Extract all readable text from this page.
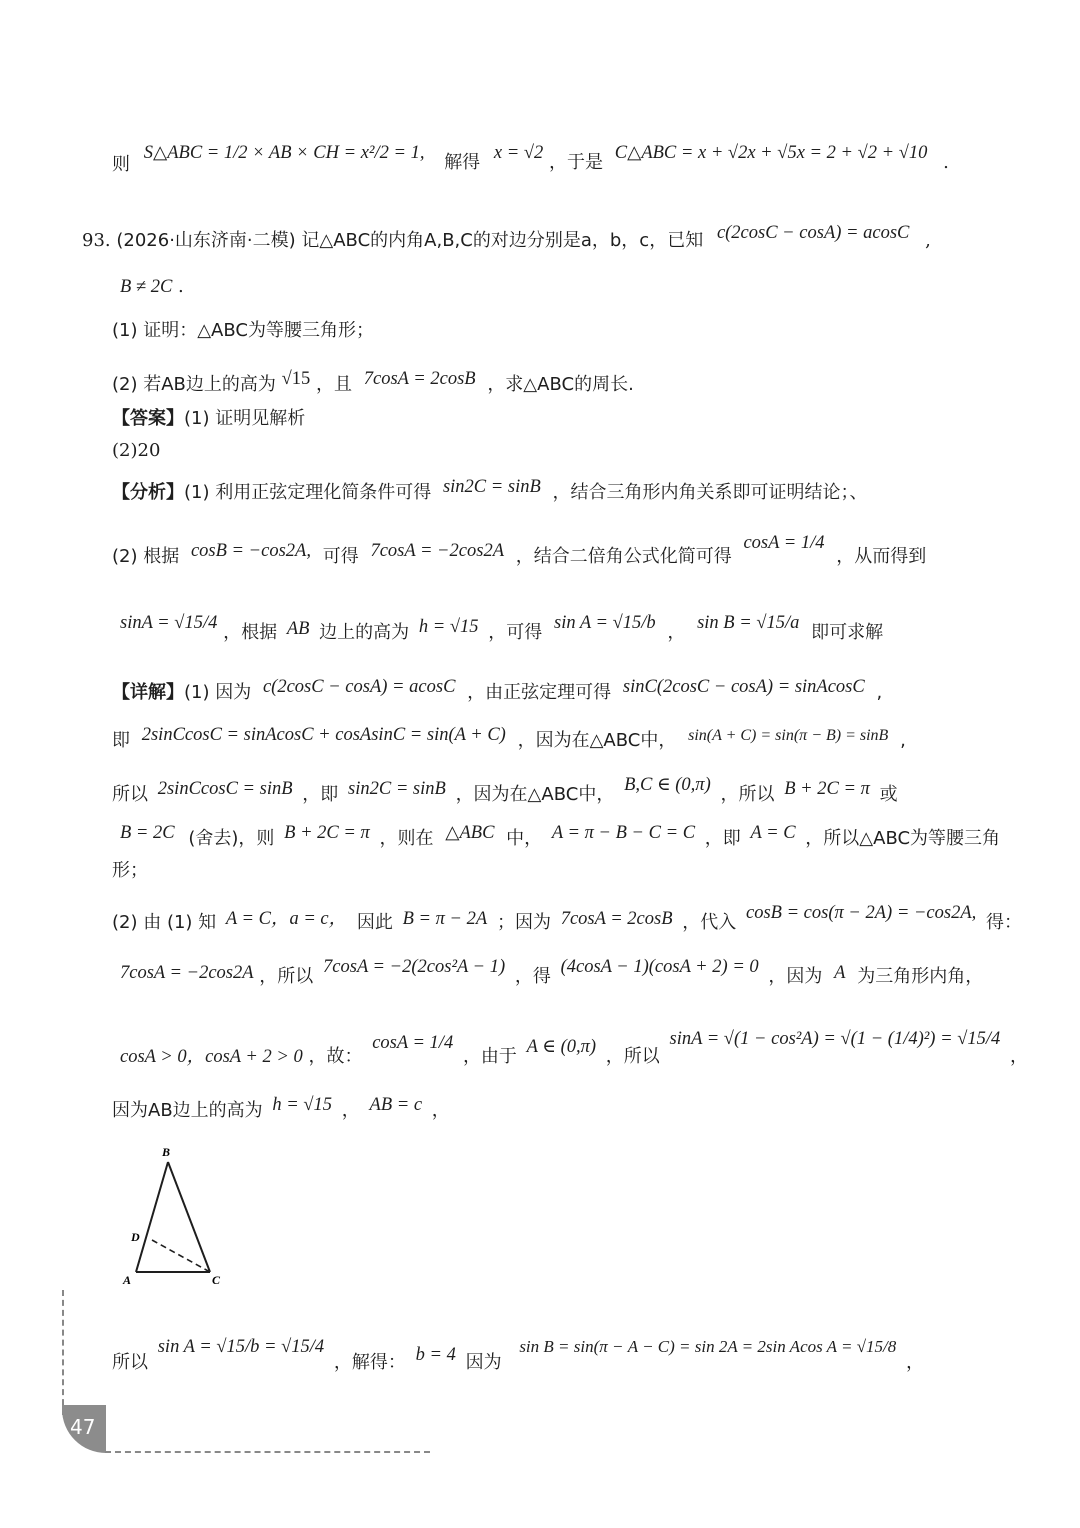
则 S△ABC = 1/2 × AB × CH = x²/2 = 1, 解得 x = √2 ，于是 C△ABC = x + √2x + √5x = 2 + √2 + √10 .
93. (2026·山东济南·二模) 记△ABC的内角A,B,C的对边分别是a，b，c，已知 c(2cosC − cosA) = acosC ,
B ≠ 2C .
(1) 证明：△ABC为等腰三角形；
(2) 若AB边上的高为 √15 ，且 7cosA = 2cosB ，求△ABC的周长.
【答案】(1) 证明见解析
(2)20
【分析】(1) 利用正弦定理化简条件可得 sin2C = sinB ，结合三角形内角关系即可证明结论；、
(2) 根据 cosB = −cos2A, 可得 7cosA = −2cos2A ，结合二倍角公式化简可得 cosA = 1/4 ，从而得到
sinA = √15/4 ，根据 AB 边上的高为 h = √15 ，可得 sin A = √15/b ， sin B = √15/a 即可求解
【详解】(1) 因为 c(2cosC − cosA) = acosC ，由正弦定理可得 sinC(2cosC − cosA) = sinAcosC ,
即 2sinCcosC = sinAcosC + cosAsinC = sin(A + C) ，因为在△ABC中， sin(A + C) = sin(π − B) = sinB ,
所以 2sinCcosC = sinB ，即 sin2C = sinB ，因为在△ABC中， B,C ∈ (0,π) ，所以 B + 2C = π 或
B = 2C (舍去)，则 B + 2C = π ，则在 △ABC 中， A = π − B − C = C ，即 A = C ，所以△ABC为等腰三角
形；
(2) 由 (1) 知 A = C，a = c， 因此 B = π − 2A ；因为 7cosA = 2cosB ，代入 cosB = cos(π − 2A) = −cos2A, 得：
7cosA = −2cos2A ，所以 7cosA = −2(2cos²A − 1) ，得 (4cosA − 1)(cosA + 2) = 0 ，因为 A 为三角形内角，
cosA > 0，cosA + 2 > 0 ，故： cosA = 1/4 ，由于 A ∈ (0,π) ，所以 sinA = √(1 − cos²A) = √(1 − (1/4)²) = √15/4 ，
因为AB边上的高为 h = √15 ， AB = c ，
B
D
A	C
所以 sin A = √15/b = √15/4 ，解得： b = 4 因为 sin B = sin(π − A − C) = sin 2A = 2sin Acos A = √15/8 ，
47
